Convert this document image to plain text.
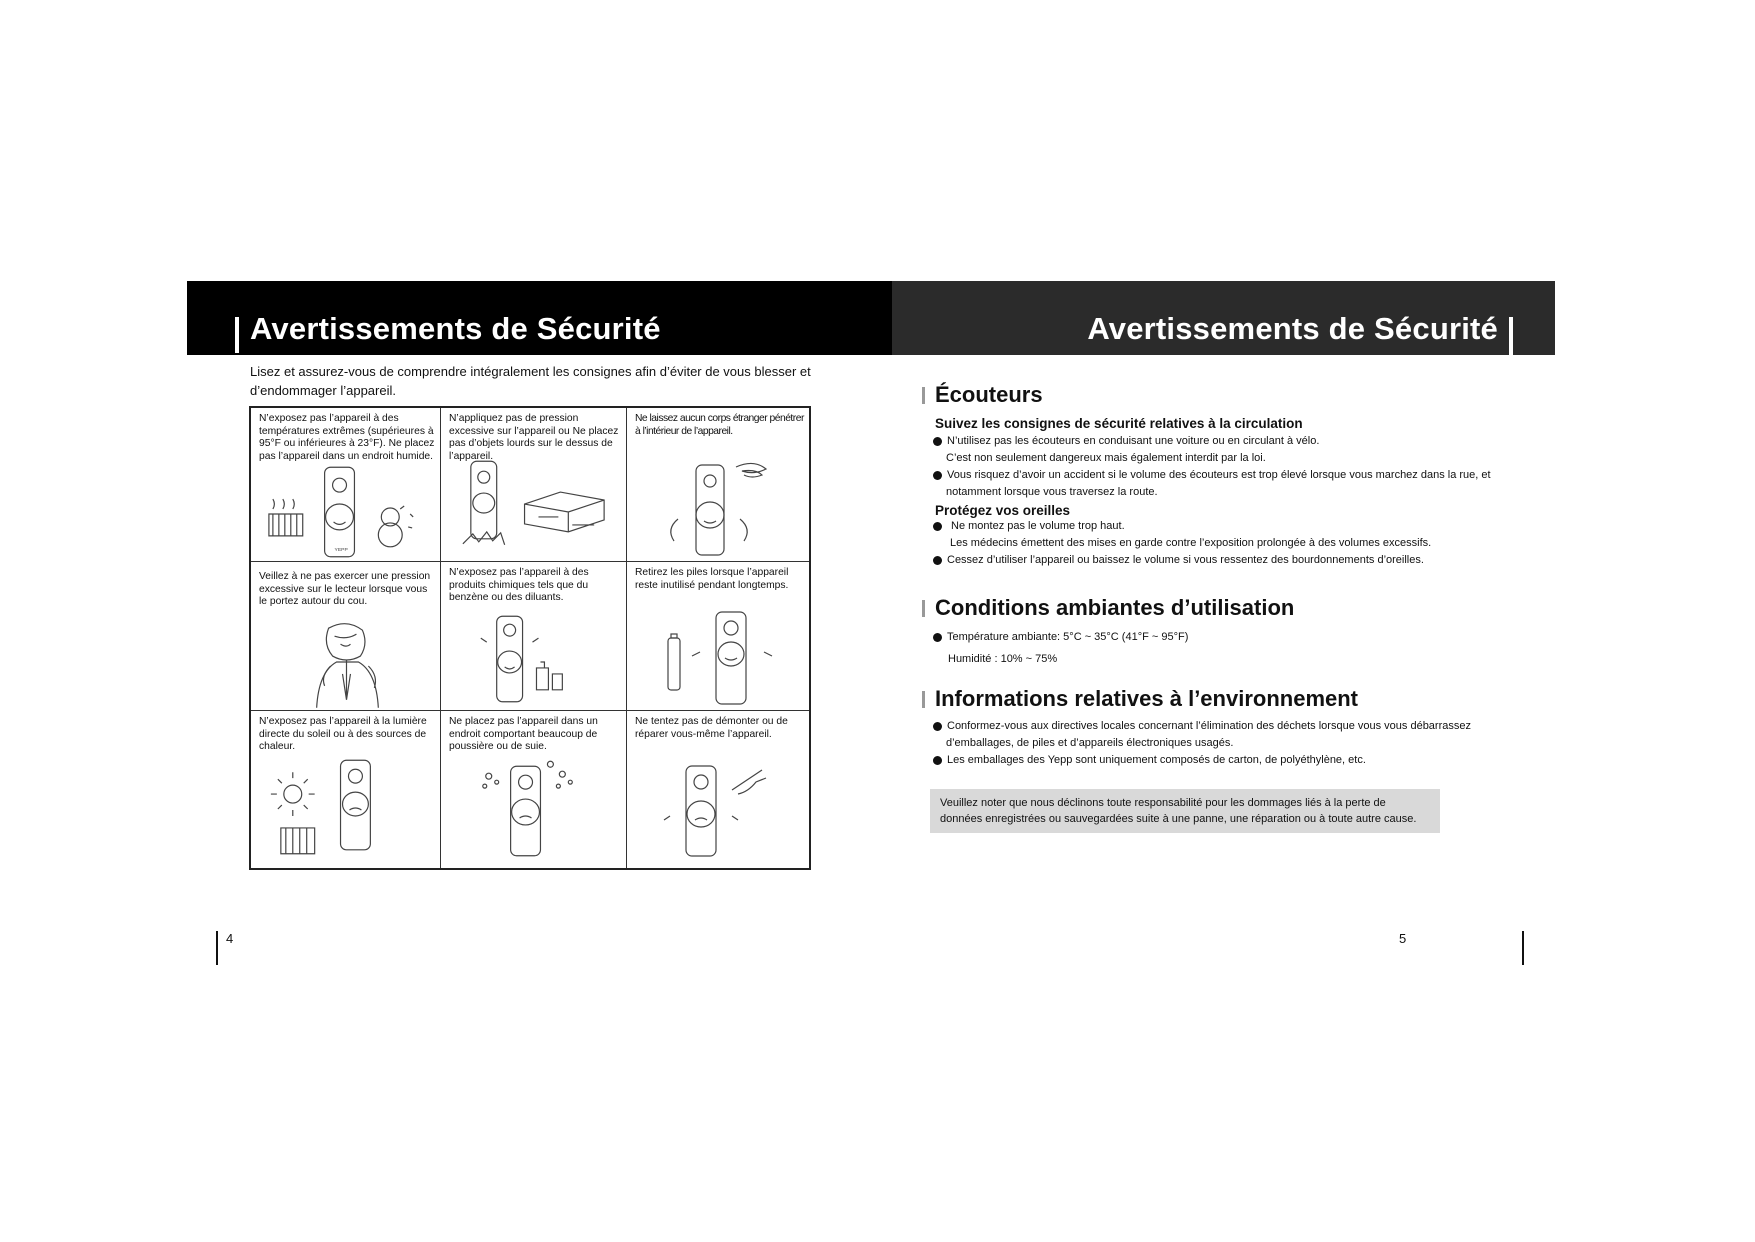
Avertissements de Sécurité
Lisez et assurez-vous de comprendre intégralement les consignes afin d’éviter de vous blesser et d’endommager l’appareil.
N’exposez pas l’appareil à des températures extrêmes (supérieures à 95°F ou inférieures à 23°F). Ne placez pas l’appareil dans un endroit humide.
YEPP
N’appliquez pas de pression excessive sur l’appareil ou Ne placez pas d’objets lourds sur le dessus de l’appareil.
Ne laissez aucun corps étranger pénétrer à l’intérieur de l’appareil.
Veillez à ne pas exercer une pression excessive sur le lecteur lorsque vous le portez autour du cou.
N’exposez pas l’appareil à des produits chimiques tels que du benzène ou des diluants.
Retirez les piles lorsque l’appareil reste inutilisé pendant longtemps.
N’exposez pas l’appareil à la lumière directe du soleil ou à des sources de chaleur.
Ne placez pas l’appareil dans un endroit comportant beaucoup de poussière ou de suie.
Ne tentez pas de démonter ou de réparer vous-même l’appareil.
4
Avertissements de Sécurité
Écouteurs
Suivez les consignes de sécurité relatives à la circulation
N’utilisez pas les écouteurs en conduisant une voiture ou en circulant à vélo.
C’est non seulement dangereux mais également interdit par la loi.
Vous risquez d’avoir un accident si le volume des écouteurs est trop élevé lorsque vous marchez dans la rue, et
notamment lorsque vous traversez la route.
Protégez vos oreilles
Ne montez pas le volume trop haut.
Les médecins émettent des mises en garde contre l’exposition prolongée à des volumes excessifs.
Cessez d’utiliser l’appareil ou baissez le volume si vous ressentez des bourdonnements d’oreilles.
Conditions ambiantes d’utilisation
Température ambiante: 5°C ~ 35°C (41°F ~ 95°F)
Humidité : 10% ~ 75%
Informations relatives à l’environnement
Conformez-vous aux directives locales concernant l’élimination des déchets lorsque vous vous débarrassez
d’emballages, de piles et d’appareils électroniques usagés.
Les emballages des Yepp sont uniquement composés de carton, de polyéthylène, etc.
Veuillez noter que nous déclinons toute responsabilité pour les dommages liés à la perte de données enregistrées ou sauvegardées suite à une panne, une réparation ou à toute autre cause.
5
